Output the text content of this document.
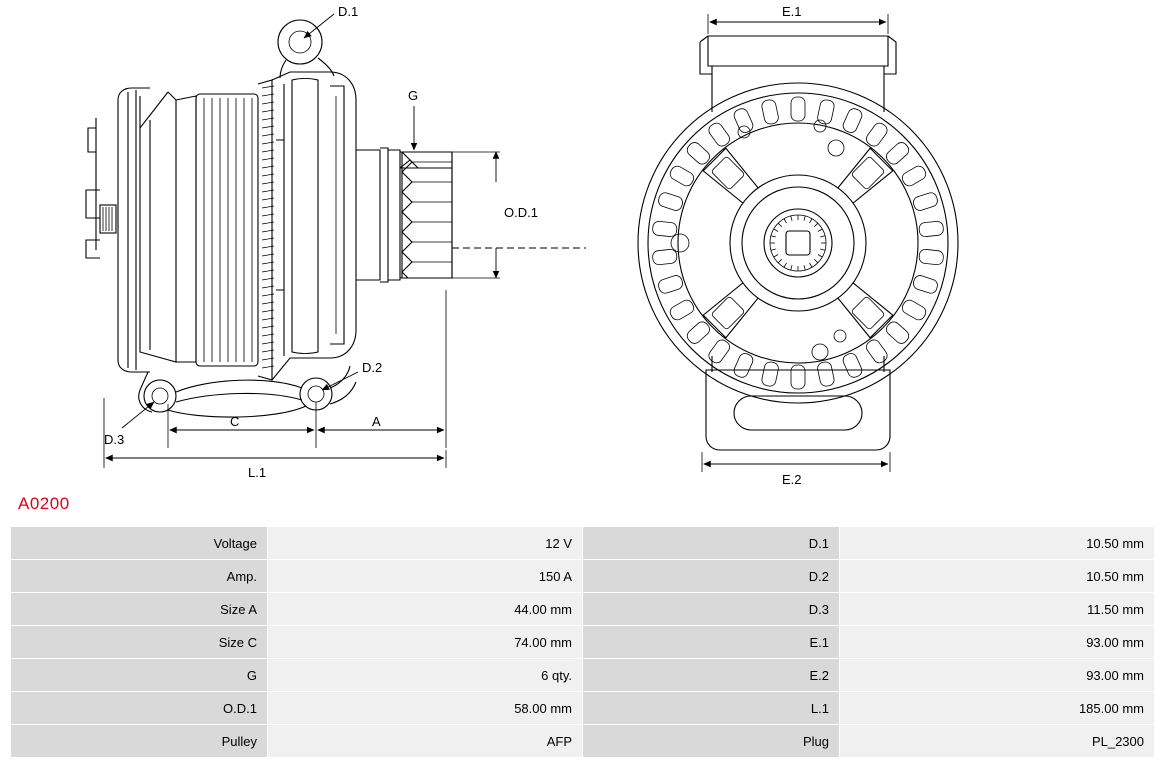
D.1
G
D.2
D.3
O.D.1
A
C
L.1
E.1
E.2
A0200
Voltage	12 V	D.1	10.50 mm
Amp.	150 A	D.2	10.50 mm
Size A	44.00 mm	D.3	11.50 mm
Size C	74.00 mm	E.1	93.00 mm
G	6 qty.	E.2	93.00 mm
O.D.1	58.00 mm	L.1	185.00 mm
Pulley	AFP	Plug	PL_2300
